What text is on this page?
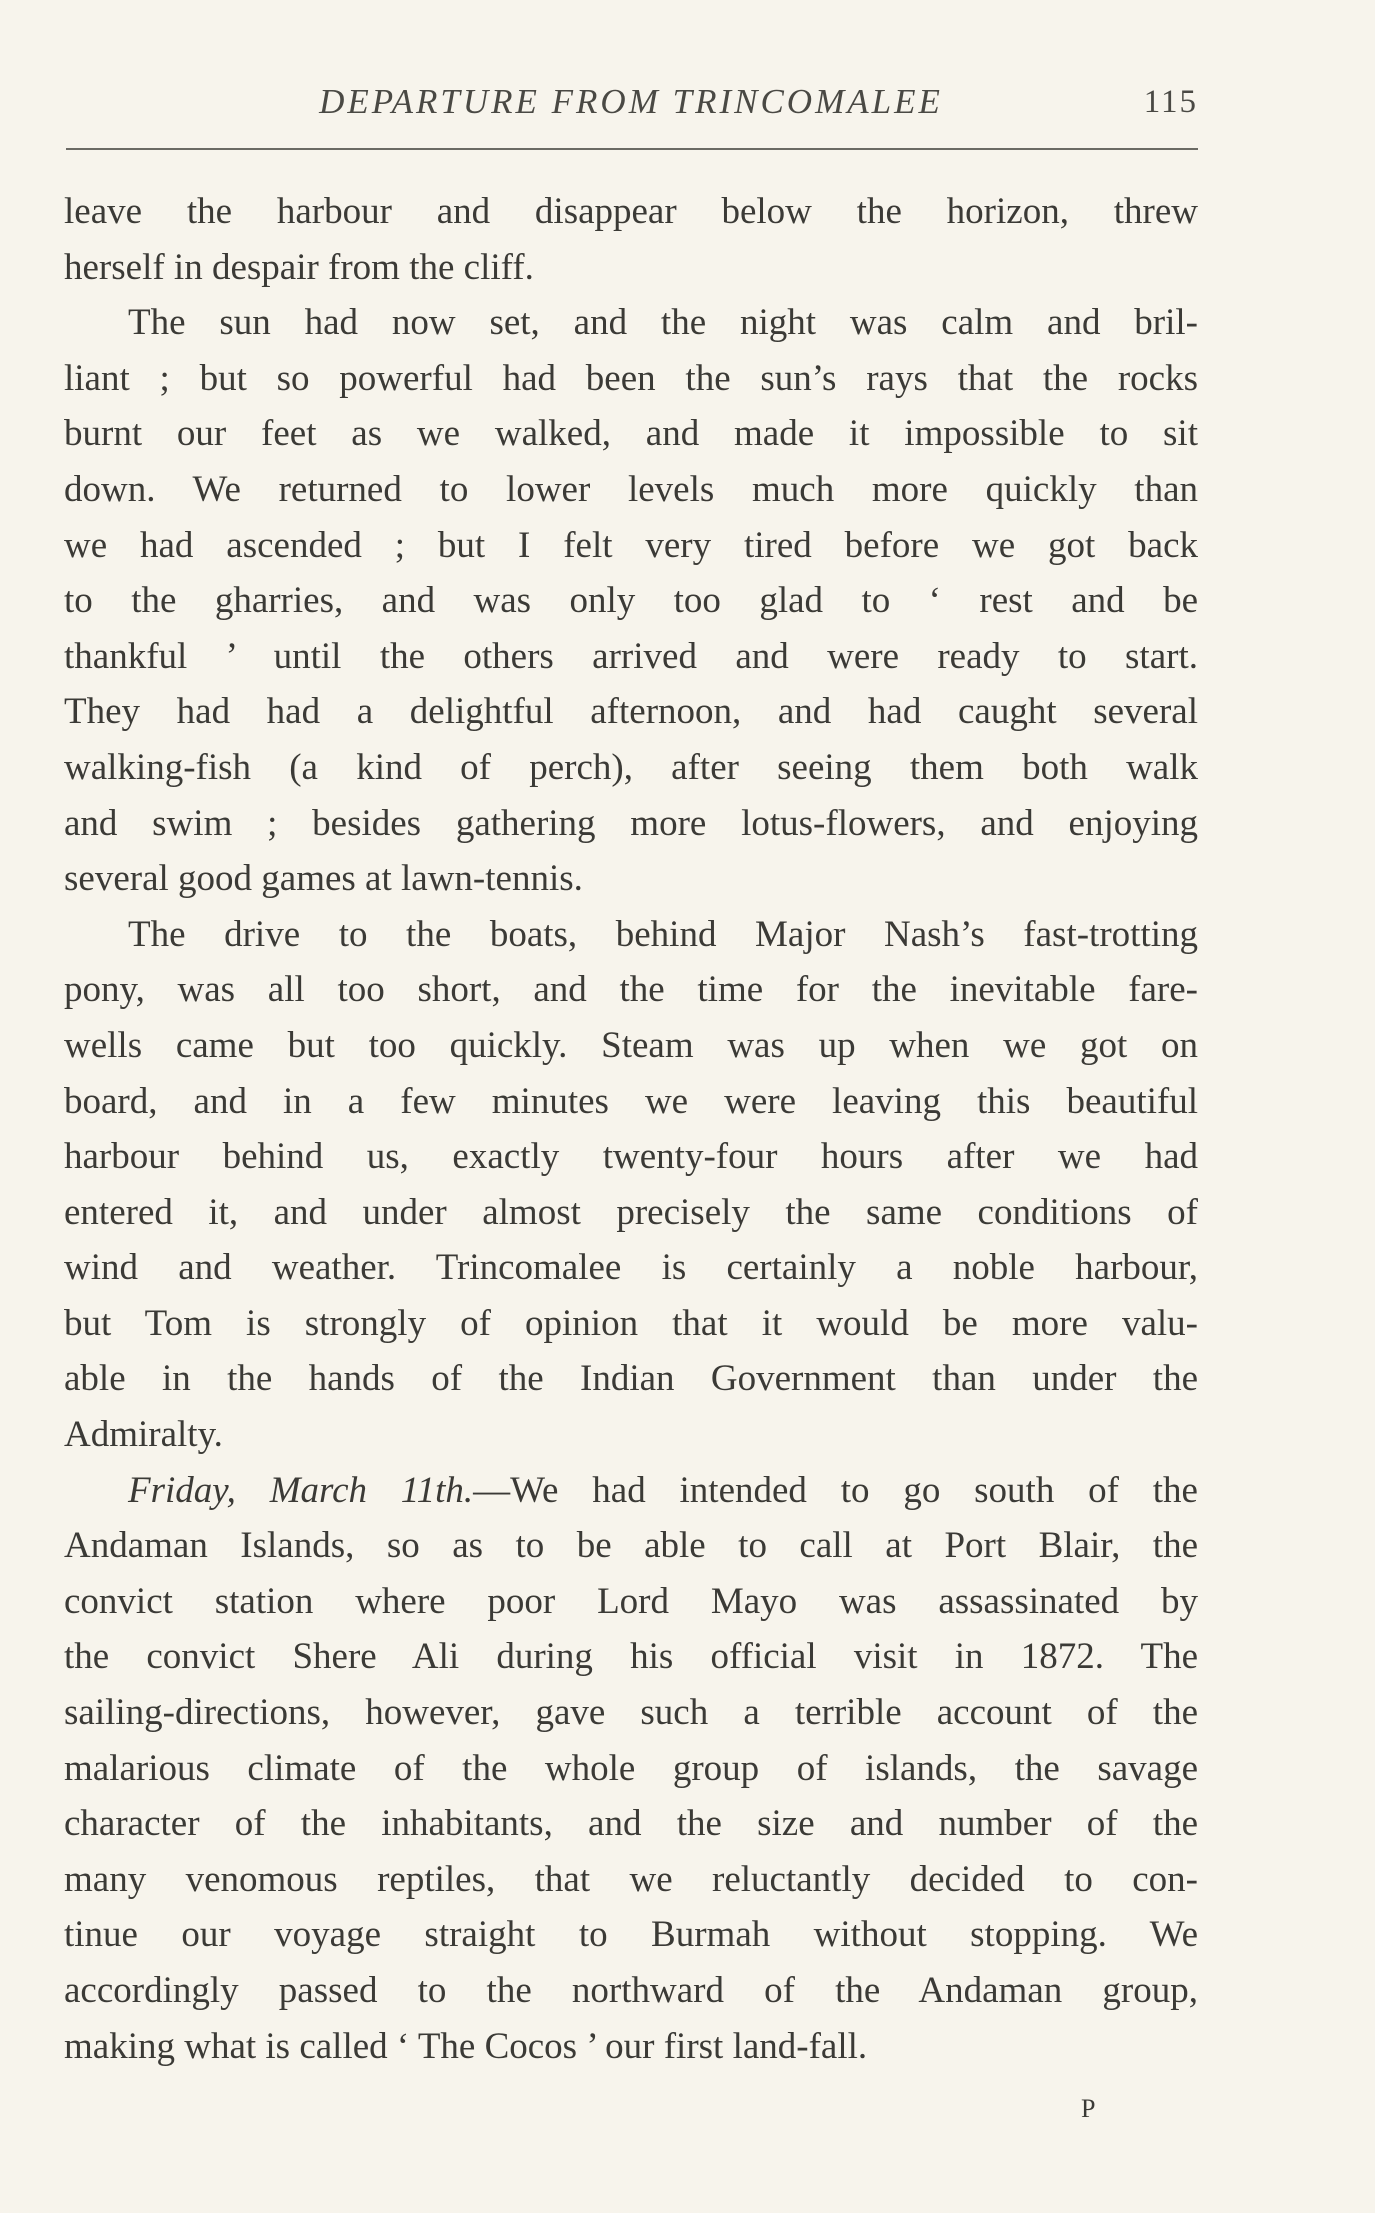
DEPARTURE FROM TRINCOMALEE	115
leave the harbour and disappear below the horizon, threw
herself in despair from the cliff.
The sun had now set, and the night was calm and bril-
liant ; but so powerful had been the sun’s rays that the rocks
burnt our feet as we walked, and made it impossible to sit
down. We returned to lower levels much more quickly than
we had ascended ; but I felt very tired before we got back
to the gharries, and was only too glad to ‘ rest and be
thankful ’ until the others arrived and were ready to start.
They had had a delightful afternoon, and had caught several
walking-fish (a kind of perch), after seeing them both walk
and swim ; besides gathering more lotus-flowers, and enjoying
several good games at lawn-tennis.
The drive to the boats, behind Major Nash’s fast-trotting
pony, was all too short, and the time for the inevitable fare-
wells came but too quickly. Steam was up when we got on
board, and in a few minutes we were leaving this beautiful
harbour behind us, exactly twenty-four hours after we had
entered it, and under almost precisely the same conditions of
wind and weather. Trincomalee is certainly a noble harbour,
but Tom is strongly of opinion that it would be more valu-
able in the hands of the Indian Government than under the
Admiralty.
Friday, March 11th.—We had intended to go south of the
Andaman Islands, so as to be able to call at Port Blair, the
convict station where poor Lord Mayo was assassinated by
the convict Shere Ali during his official visit in 1872. The
sailing-directions, however, gave such a terrible account of the
malarious climate of the whole group of islands, the savage
character of the inhabitants, and the size and number of the
many venomous reptiles, that we reluctantly decided to con-
tinue our voyage straight to Burmah without stopping. We
accordingly passed to the northward of the Andaman group,
making what is called ‘ The Cocos ’ our first land-fall.
P
